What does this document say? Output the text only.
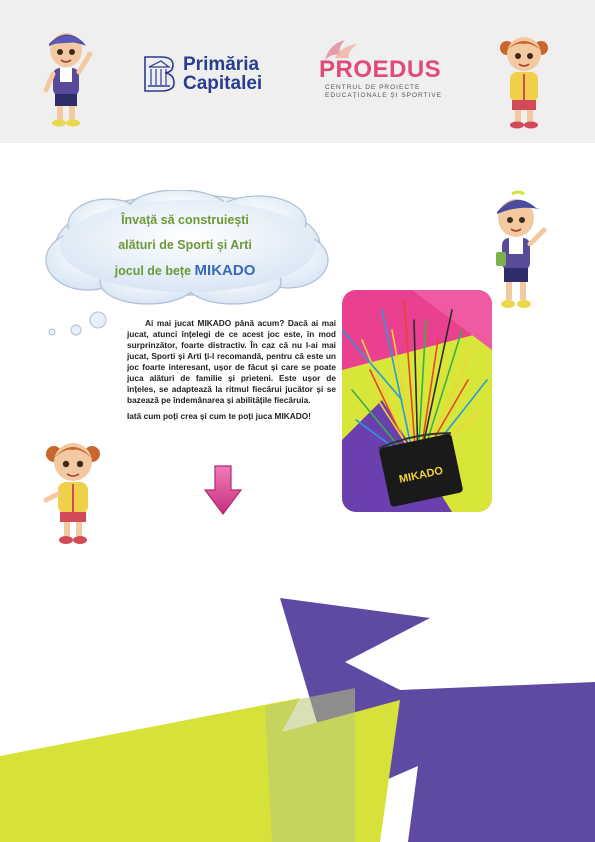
Primăria
Capitalei
PROEDUS
CENTRUL DE PROIECTE EDUCAȚIONALE ȘI SPORTIVE
Învață să construiești
alături de Sporti și Arti
jocul de bețe MIKADO

Ai mai jucat MIKADO până acum? Dacă ai mai jucat, atunci înțelegi de ce acest joc este, în mod surprinzător, foarte distractiv. În caz că nu l-ai mai jucat, Sporti și Arti ți-l recomandă, pentru că este un joc foarte interesant, ușor de făcut și care se poate juca alături de familie și prieteni. Este ușor de înțeles, se adaptează la ritmul fiecărui jucător și se bazează pe îndemânarea și abilitățile fiecăruia.

Iată cum poți crea și cum te poți juca MIKADO!

MIKADO
